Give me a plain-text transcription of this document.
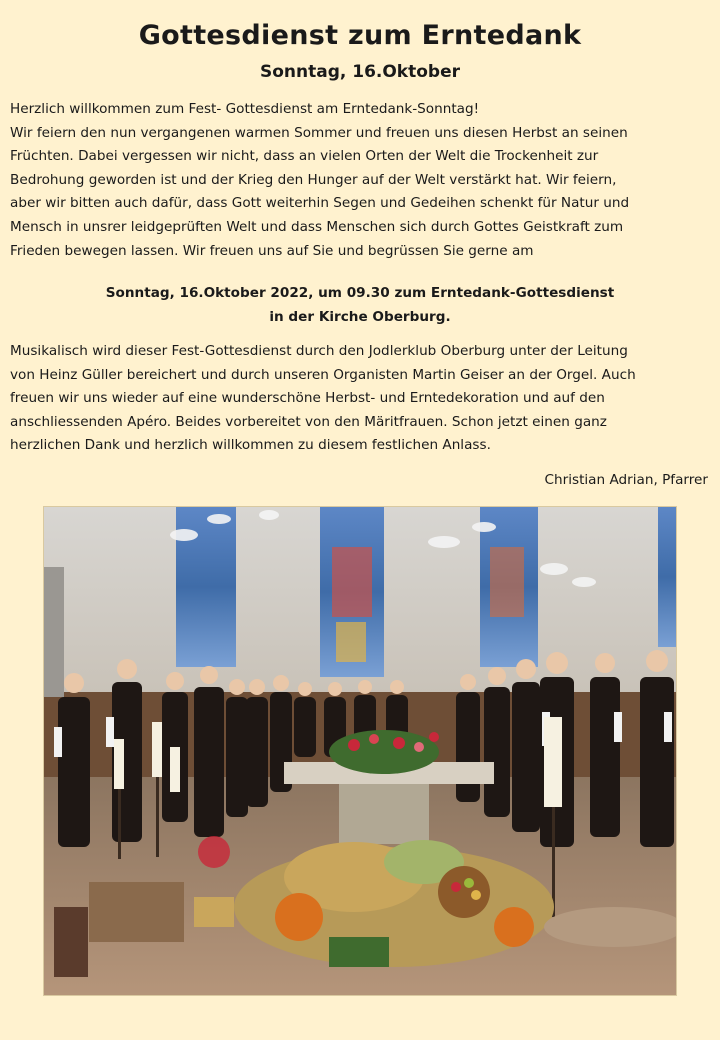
Gottesdienst zum Erntedank
Sonntag, 16.Oktober
Herzlich willkommen zum Fest- Gottesdienst am Erntedank-Sonntag!
Wir feiern den nun vergangenen warmen Sommer und freuen uns diesen Herbst an seinen
Früchten. Dabei vergessen wir nicht, dass an vielen Orten der Welt die Trockenheit zur
Bedrohung geworden ist und der Krieg den Hunger auf der Welt verstärkt hat. Wir feiern,
aber wir bitten auch dafür, dass Gott weiterhin Segen und Gedeihen schenkt für Natur und
Mensch in unsrer leidgeprüften Welt und dass Menschen sich durch Gottes Geistkraft zum
Frieden bewegen lassen. Wir freuen uns auf Sie und begrüssen Sie gerne am
Sonntag, 16.Oktober 2022, um 09.30 zum Erntedank-Gottesdienst
in der Kirche Oberburg.
Musikalisch wird dieser Fest-Gottesdienst durch den Jodlerklub Oberburg unter der Leitung
von Heinz Güller bereichert und durch unseren Organisten Martin Geiser an der Orgel. Auch
freuen wir uns wieder auf eine wunderschöne Herbst- und Erntedekoration und auf den
anschliessenden Apéro. Beides vorbereitet von den Märitfrauen. Schon jetzt einen ganz
herzlichen Dank und herzlich willkommen zu diesem festlichen Anlass.
Christian Adrian, Pfarrer
